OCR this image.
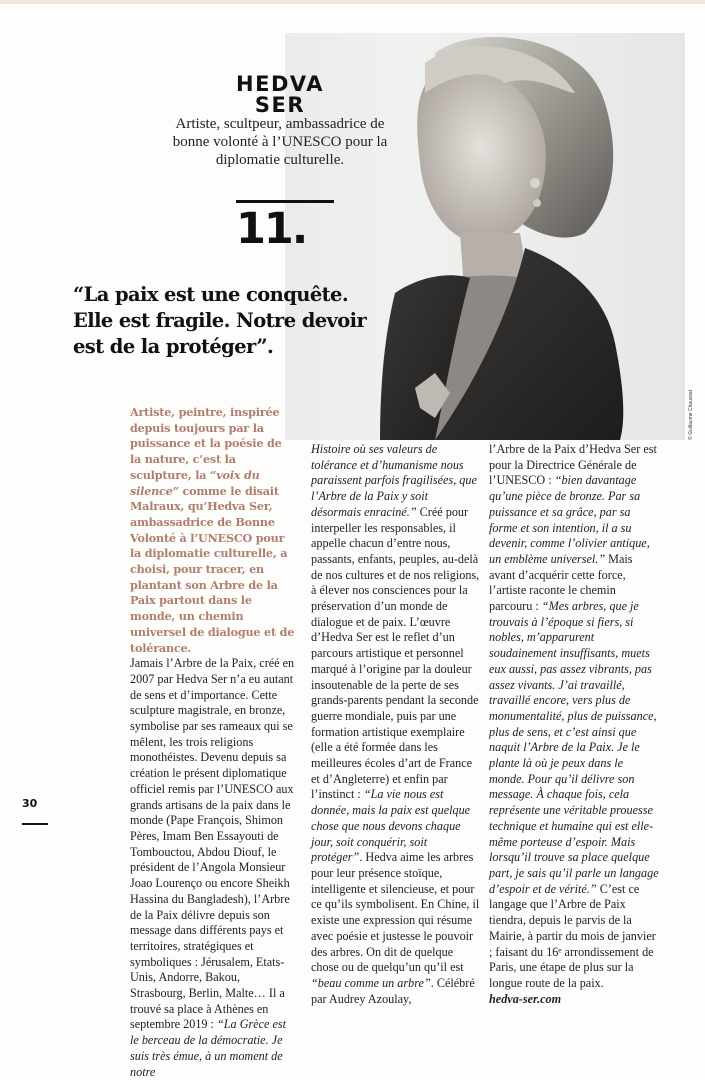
© Guillaume Chaussat
HEDVA
SER
Artiste, scultpeur, ambassadrice de bonne volonté à l’UNESCO pour la diplomatie culturelle.
11.
“La paix est une conquête. Elle est fragile. Notre devoir est de la protéger”.

Artiste, peintre, inspirée depuis toujours par la puissance et la poésie de la nature, c’est la sculpture, la “voix du silence” comme le disait Malraux, qu’Hedva Ser, ambassadrice de Bonne Volonté à l’UNESCO pour la diplomatie culturelle, a choisi, pour tracer, en plantant son Arbre de la Paix partout dans le monde, un chemin universel de dialogue et de tolérance.

Jamais l’Arbre de la Paix, créé en 2007 par Hedva Ser n’a eu autant de sens et d’importance. Cette sculpture magistrale, en bronze, symbolise par ses rameaux qui se mêlent, les trois religions monothéistes. Devenu depuis sa création le présent diplomatique officiel remis par l’UNESCO aux grands artisans de la paix dans le monde (Pape François, Shimon Pères, Imam Ben Essayouti de Tombouctou, Abdou Diouf, le président de l’Angola Monsieur Joao Lourenço ou encore Sheikh Hassina du Bangladesh), l’Arbre de la Paix délivre depuis son message dans différents pays et territoires, stratégiques et symboliques : Jérusalem, Etats-Unis, Andorre, Bakou, Strasbourg, Berlin, Malte… Il a trouvé sa place à Athènes en septembre 2019 : “La Grèce est le berceau de la démocratie. Je suis très émue, à un moment de notre

Histoire où ses valeurs de tolérance et d’humanisme nous paraissent parfois fragilisées, que l’Arbre de la Paix y soit désormais enraciné.” Créé pour interpeller les responsables, il appelle chacun d’entre nous, passants, enfants, peuples, au-delà de nos cultures et de nos religions, à élever nos consciences pour la préservation d’un monde de dialogue et de paix. L’œuvre d’Hedva Ser est le reflet d’un parcours artistique et personnel marqué à l’origine par la douleur insoutenable de la perte de ses grands-parents pendant la seconde guerre mondiale, puis par une formation artistique exemplaire (elle a été formée dans les meilleures écoles d’art de France et d’Angleterre) et enfin par l’instinct : “La vie nous est donnée, mais la paix est quelque chose que nous devons chaque jour, soit conquérir, soit protéger”. Hedva aime les arbres pour leur présence stoïque, intelligente et silencieuse, et pour ce qu’ils symbolisent. En Chine, il existe une expression qui résume avec poésie et justesse le pouvoir des arbres. On dit de quelque chose ou de quelqu’un qu’il est “beau comme un arbre”. Célébré par Audrey Azoulay,

l’Arbre de la Paix d’Hedva Ser est pour la Directrice Générale de l’UNESCO : “bien davantage qu’une pièce de bronze. Par sa puissance et sa grâce, par sa forme et son intention, il a su devenir, comme l’olivier antique, un emblème universel.” Mais avant d’acquérir cette force, l’artiste raconte le chemin parcouru : “Mes arbres, que je trouvais à l’époque si fiers, si nobles, m’apparurent soudainement insuffisants, muets eux aussi, pas assez vibrants, pas assez vivants. J’ai travaillé, travaillé encore, vers plus de monumentalité, plus de puissance, plus de sens, et c’est ainsi que naquit l’Arbre de la Paix. Je le plante là où je peux dans le monde. Pour qu’il délivre son message. À chaque fois, cela représente une véritable prouesse technique et humaine qui est elle-même porteuse d’espoir. Mais lorsqu’il trouve sa place quelque part, je sais qu’il parle un langage d’espoir et de vérité.” C’est ce langage que l’Arbre de Paix tiendra, depuis le parvis de la Mairie, à partir du mois de janvier ; faisant du 16ᵉ arrondissement de Paris, une étape de plus sur la longue route de la paix.

hedva-ser.com

30
